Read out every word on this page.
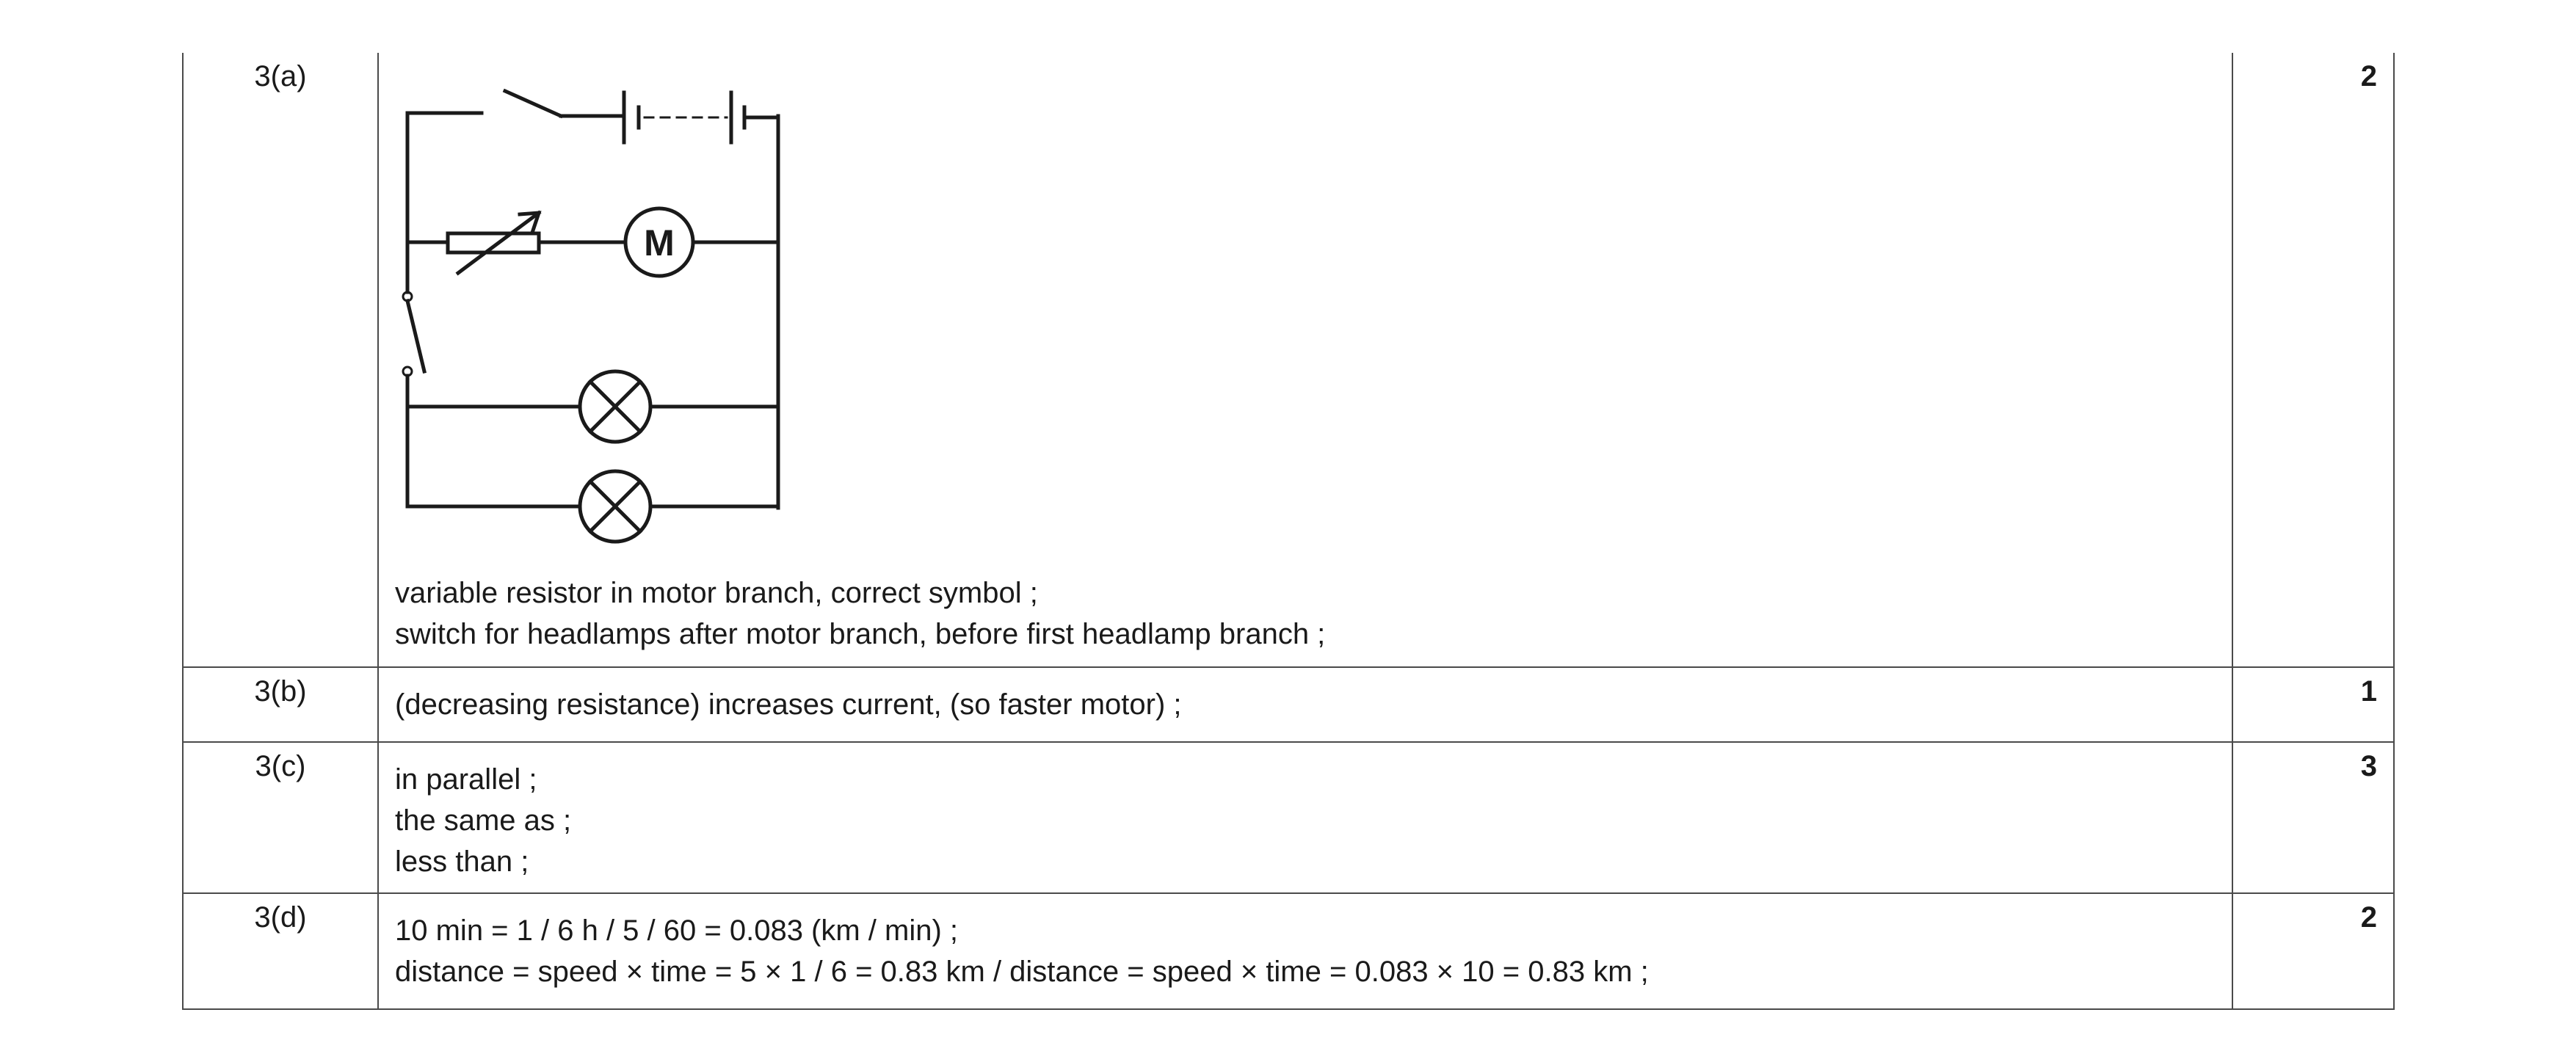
3(a)	M
variable resistor in motor branch, correct symbol ;
switch for headlamps after motor branch, before first headlamp branch ;	2
3(b)	(decreasing resistance) increases current, (so faster motor) ;	1
3(c)	in parallel ;
the same as ;
less than ;	3
3(d)	10 min = 1 / 6 h / 5 / 60 = 0.083 (km / min) ;
distance = speed × time = 5 × 1 / 6 = 0.83 km / distance = speed × time = 0.083 × 10 = 0.83 km ;	2
